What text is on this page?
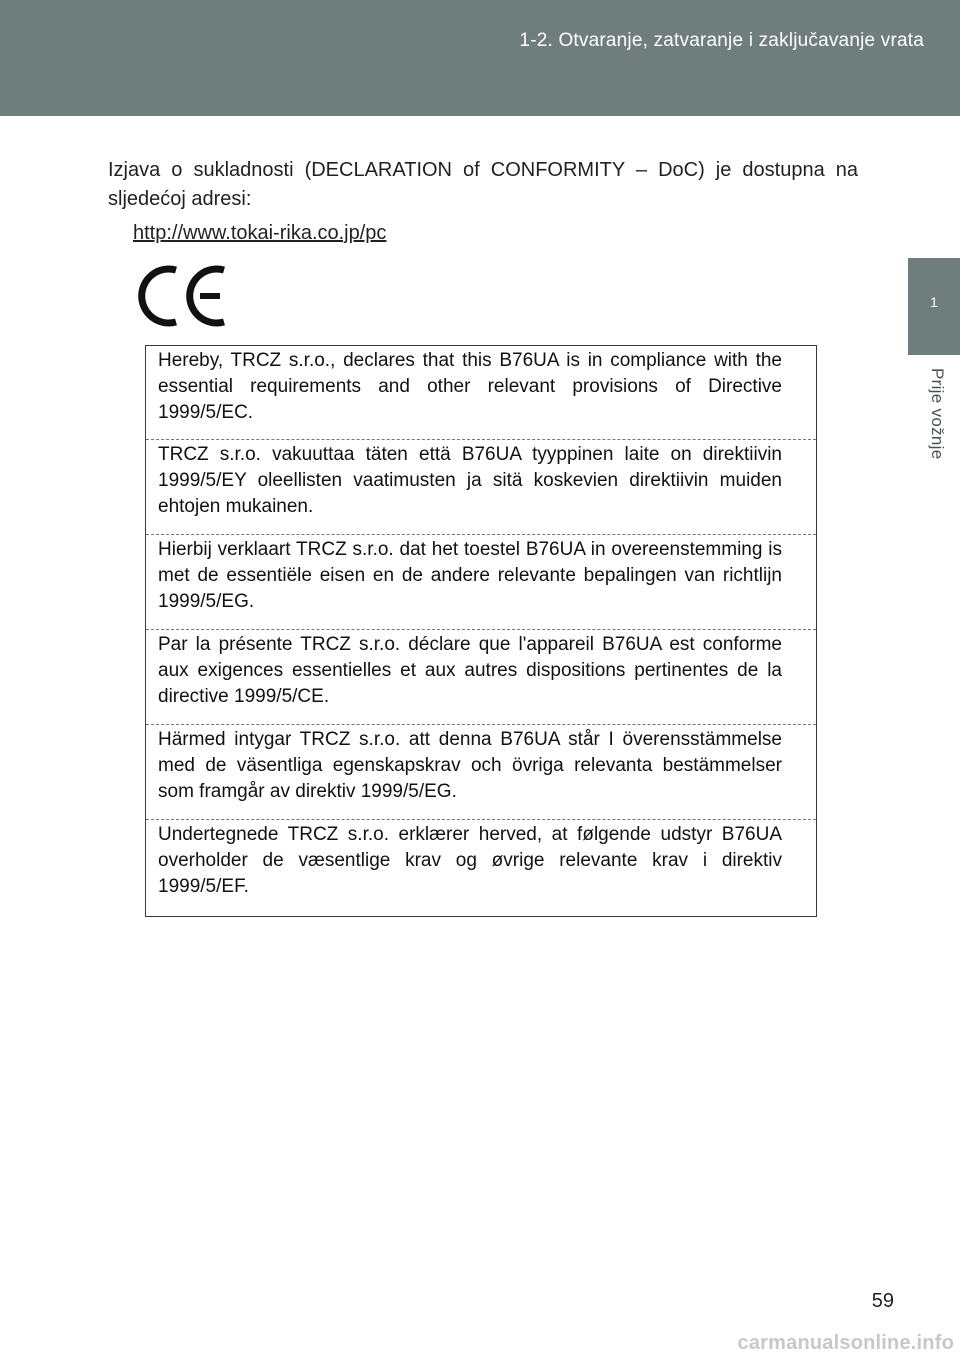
1-2. Otvaranje, zatvaranje i zaključavanje vrata
1
Prije vožnje

Izjava o sukladnosti (DECLARATION of CONFORMITY – DoC) je dostupna na sljedećoj adresi:

http://www.tokai-rika.co.jp/pc
Hereby, TRCZ s.r.o., declares that this B76UA is in compliance with the essential requirements and other relevant provisions of Directive 1999/5/EC.
TRCZ s.r.o. vakuuttaa täten että B76UA tyyppinen laite on direktiivin 1999/5/EY oleellisten vaatimusten ja sitä koskevien direktiivin muiden ehtojen mukainen.
Hierbij verklaart TRCZ s.r.o. dat het toestel B76UA in overeenstemming is met de essentiële eisen en de andere relevante bepalingen van richtlijn 1999/5/EG.
Par la présente TRCZ s.r.o. déclare que l'appareil B76UA est conforme aux exigences essentielles et aux autres dispositions pertinentes de la directive 1999/5/CE.
Härmed intygar TRCZ s.r.o. att denna B76UA står I överensstämmelse med de väsentliga egenskapskrav och övriga relevanta bestämmelser som framgår av direktiv 1999/5/EG.
Undertegnede TRCZ s.r.o. erklærer herved, at følgende udstyr B76UA overholder de væsentlige krav og øvrige relevante krav i direktiv 1999/5/EF.
59
carmanualsonline.info
